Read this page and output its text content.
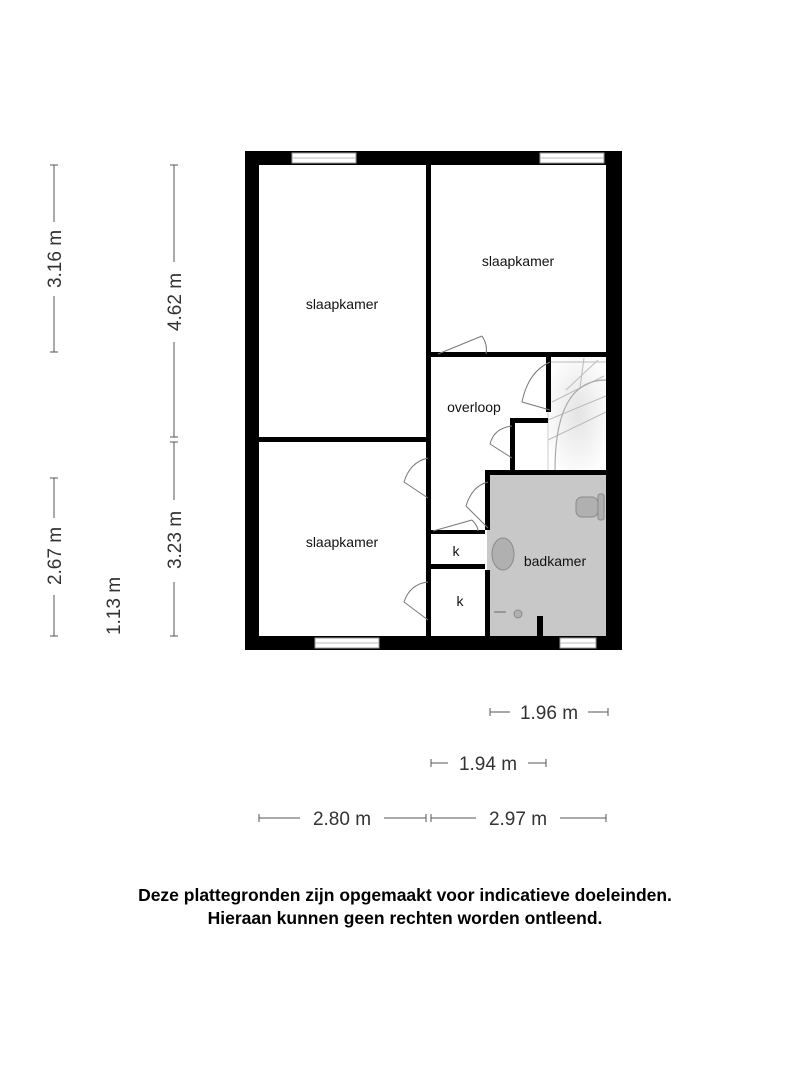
slaapkamer
slaapkamer
slaapkamer
overloop
badkamer
k
k
3.16 m
2.67 m
1.13 m
4.62 m
3.23 m
1.96 m
1.94 m
2.80 m	2.97 m
Deze plattegronden zijn opgemaakt voor indicatieve doeleinden.
Hieraan kunnen geen rechten worden ontleend.
